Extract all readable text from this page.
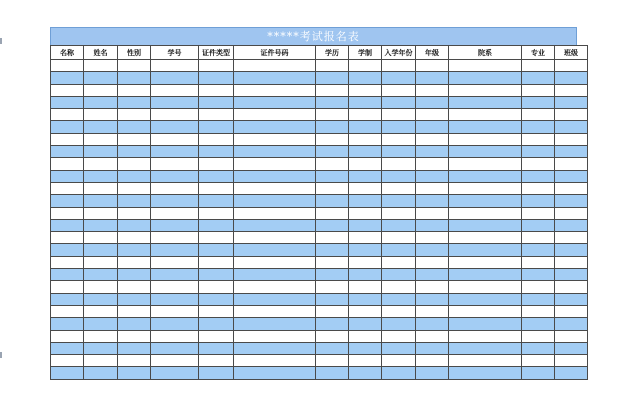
*****考试报名表
名称	姓名	性别	学号	证件类型	证件号码	学历	学制	入学年份	年级	院系	专业	班级
